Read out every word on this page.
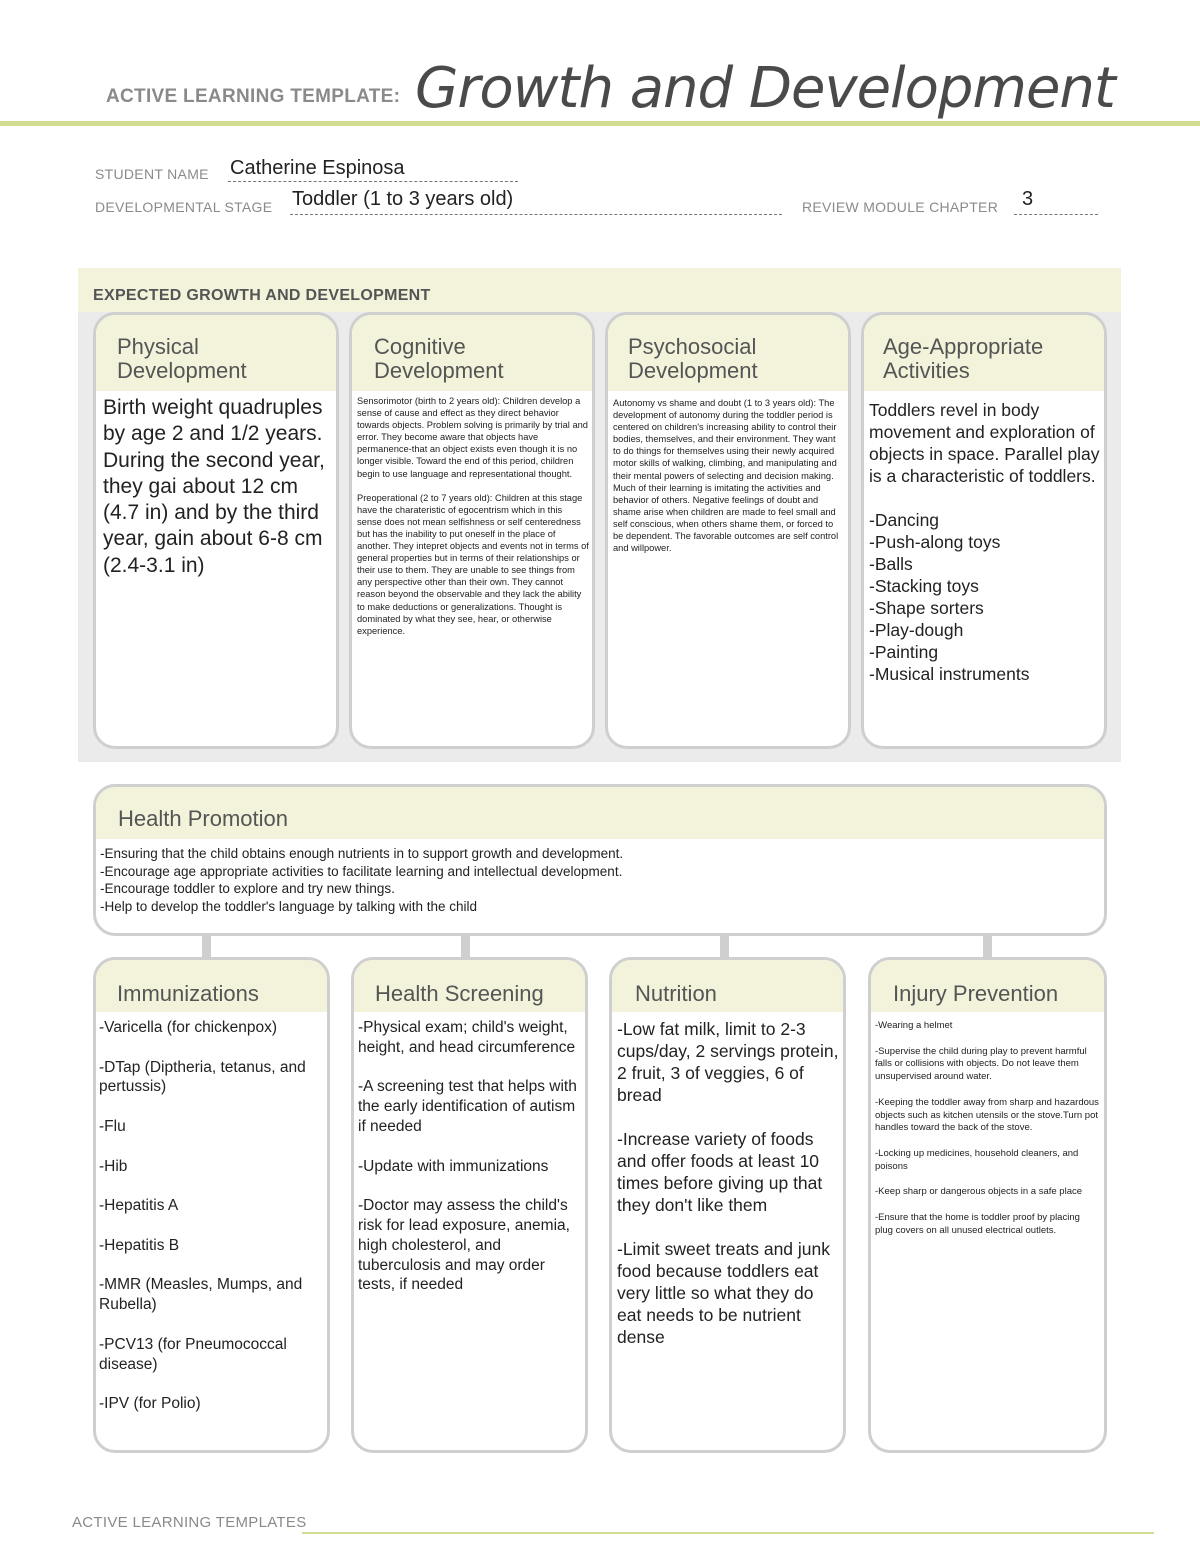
ACTIVE LEARNING TEMPLATE: Growth and Development
STUDENT NAME Catherine Espinosa
DEVELOPMENTAL STAGE Toddler (1 to 3 years old)	REVIEW MODULE CHAPTER 3
EXPECTED GROWTH AND DEVELOPMENT
Physical
Development
Birth weight quadruples by age 2 and 1/2 years. During the second year, they gai about 12 cm (4.7 in) and by the third year, gain about 6-8 cm (2.4-3.1 in)
Cognitive
Development

Sensorimotor (birth to 2 years old): Children develop a sense of cause and effect as they direct behavior towards objects. Problem solving is primarily by trial and error. They become aware that objects have permanence-that an object exists even though it is no longer visible. Toward the end of this period, children begin to use language and representational thought.

Preoperational (2 to 7 years old): Children at this stage have the charateristic of egocentrism which in this sense does not mean selfishness or self centeredness but has the inability to put oneself in the place of another. They intepret objects and events not in terms of general properties but in terms of their relationships or their use to them. They are unable to see things from any perspective other than their own. They cannot reason beyond the observable and they lack the ability to make deductions or generalizations. Thought is dominated by what they see, hear, or otherwise experience.

Psychosocial
Development
Autonomy vs shame and doubt (1 to 3 years old): The development of autonomy during the toddler period is centered on children's increasing ability to control their bodies, themselves, and their environment. They want to do things for themselves using their newly acquired motor skills of walking, climbing, and manipulating and their mental powers of selecting and decision making. Much of their learning is imitating the activities and behavior of others. Negative feelings of doubt and shame arise when children are made to feel small and self conscious, when others shame them, or forced to be dependent. The favorable outcomes are self control and willpower.
Age-Appropriate
Activities

Toddlers revel in body movement and exploration of objects in space. Parallel play is a characteristic of toddlers.

-Dancing
-Push-along toys
-Balls
-Stacking toys
-Shape sorters
-Play-dough
-Painting
-Musical instruments
Health Promotion
-Ensuring that the child obtains enough nutrients in to support growth and development.
-Encourage age appropriate activities to facilitate learning and intellectual development.
-Encourage toddler to explore and try new things.
-Help to develop the toddler's language by talking with the child
Immunizations

-Varicella (for chickenpox)

-DTap (Diptheria, tetanus, and pertussis)

-Flu

-Hib

-Hepatitis A

-Hepatitis B

-MMR (Measles, Mumps, and Rubella)

-PCV13 (for Pneumococcal disease)

-IPV (for Polio)

Health Screening

-Physical exam; child's weight, height, and head circumference

-A screening test that helps with the early identification of autism if needed

-Update with immunizations

-Doctor may assess the child's risk for lead exposure, anemia, high cholesterol, and tuberculosis and may order tests, if needed

Nutrition

-Low fat milk, limit to 2-3 cups/day, 2 servings protein, 2 fruit, 3 of veggies, 6 of bread

-Increase variety of foods and offer foods at least 10 times before giving up that they don't like them

-Limit sweet treats and junk food because toddlers eat very little so what they do eat needs to be nutrient dense

Injury Prevention

-Wearing a helmet

-Supervise the child during play to prevent harmful falls or collisions with objects. Do not leave them unsupervised around water.

-Keeping the toddler away from sharp and hazardous objects such as kitchen utensils or the stove.Turn pot handles toward the back of the stove.

-Locking up medicines, household cleaners, and poisons

-Keep sharp or dangerous objects in a safe place

-Ensure that the home is toddler proof by placing plug covers on all unused electrical outlets.

ACTIVE LEARNING TEMPLATES
